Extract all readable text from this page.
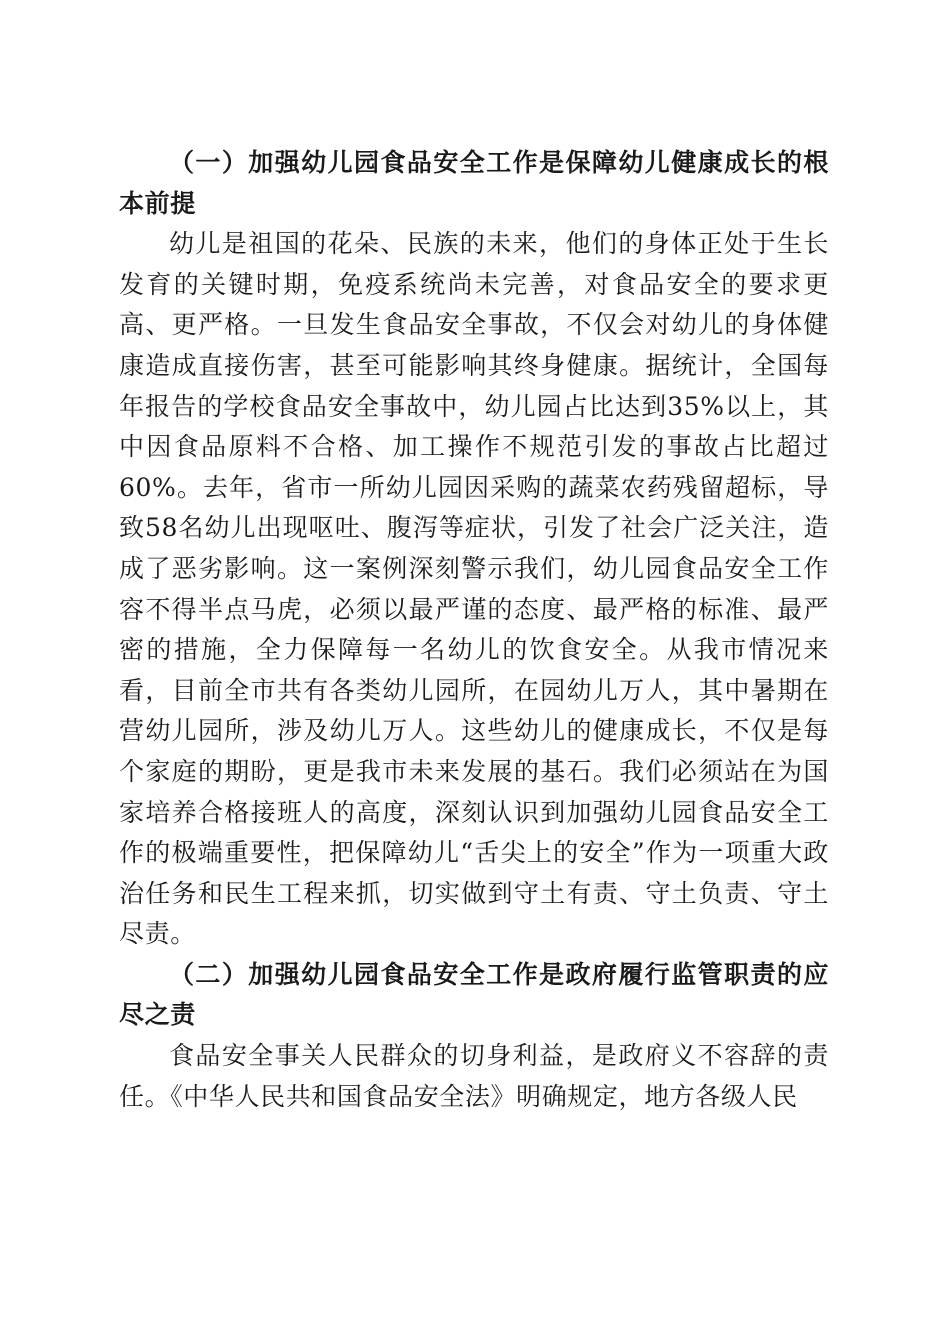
（一）加强幼儿园食品安全工作是保障幼儿健康成长的根本前提

幼儿是祖国的花朵、民族的未来，他们的身体正处于生长发育的关键时期，免疫系统尚未完善，对食品安全的要求更高、更严格。一旦发生食品安全事故，不仅会对幼儿的身体健康造成直接伤害，甚至可能影响其终身健康。据统计，全国每年报告的学校食品安全事故中，幼儿园占比达到35%以上，其中因食品原料不合格、加工操作不规范引发的事故占比超过60%。去年，省市一所幼儿园因采购的蔬菜农药残留超标，导致58名幼儿出现呕吐、腹泻等症状，引发了社会广泛关注，造成了恶劣影响。这一案例深刻警示我们，幼儿园食品安全工作容不得半点马虎，必须以最严谨的态度、最严格的标准、最严密的措施，全力保障每一名幼儿的饮食安全。从我市情况来看，目前全市共有各类幼儿园所，在园幼儿万人，其中暑期在营幼儿园所，涉及幼儿万人。这些幼儿的健康成长，不仅是每个家庭的期盼，更是我市未来发展的基石。我们必须站在为国家培养合格接班人的高度，深刻认识到加强幼儿园食品安全工作的极端重要性，把保障幼儿“舌尖上的安全”作为一项重大政治任务和民生工程来抓，切实做到守土有责、守土负责、守土尽责。

（二）加强幼儿园食品安全工作是政府履行监管职责的应尽之责

食品安全事关人民群众的切身利益，是政府义不容辞的责任。《中华人民共和国食品安全法》明确规定，地方各级人民
